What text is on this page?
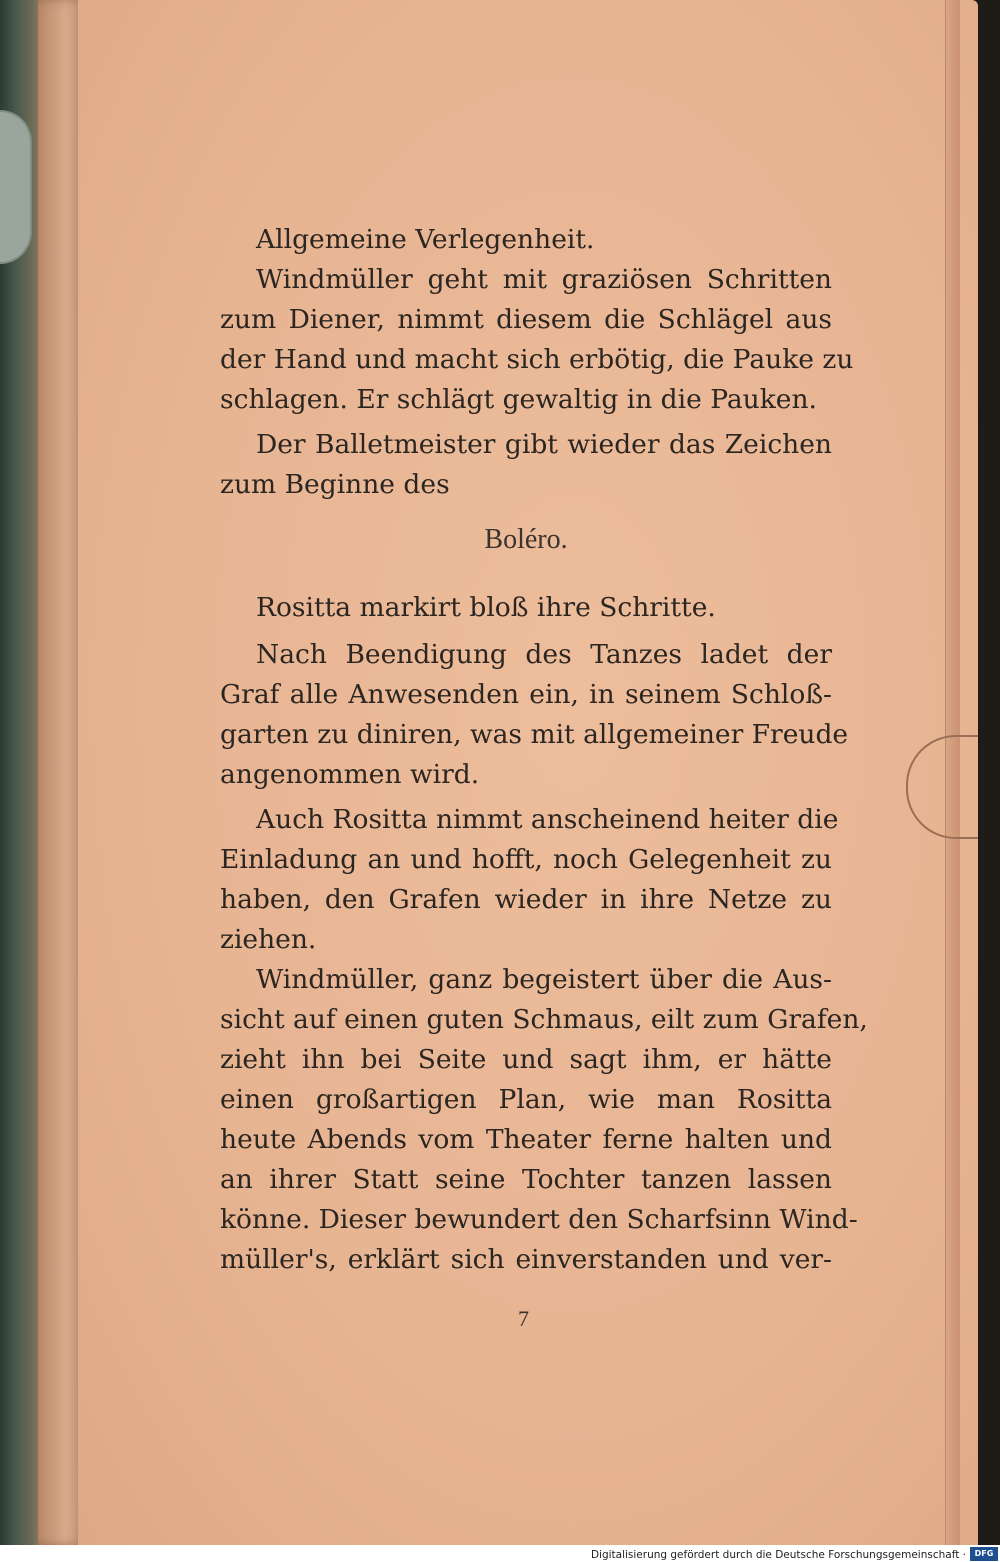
Allgemeine Verlegenheit.
Windmüller geht mit graziösen Schritten
zum Diener, nimmt diesem die Schlägel aus
der Hand und macht sich erbötig, die Pauke zu
schlagen. Er schlägt gewaltig in die Pauken.
Der Balletmeister gibt wieder das Zeichen
zum Beginne des
Boléro.
Rositta markirt bloß ihre Schritte.
Nach Beendigung des Tanzes ladet der
Graf alle Anwesenden ein, in seinem Schloß-
garten zu diniren, was mit allgemeiner Freude
angenommen wird.
Auch Rositta nimmt anscheinend heiter die
Einladung an und hofft, noch Gelegenheit zu
haben, den Grafen wieder in ihre Netze zu
ziehen.
Windmüller, ganz begeistert über die Aus-
sicht auf einen guten Schmaus, eilt zum Grafen,
zieht ihn bei Seite und sagt ihm, er hätte
einen großartigen Plan, wie man Rositta
heute Abends vom Theater ferne halten und
an ihrer Statt seine Tochter tanzen lassen
könne. Dieser bewundert den Scharfsinn Wind-
müller's, erklärt sich einverstanden und ver-
7
Digitalisierung gefördert durch die Deutsche Forschungsgemeinschaft ·	DFG
